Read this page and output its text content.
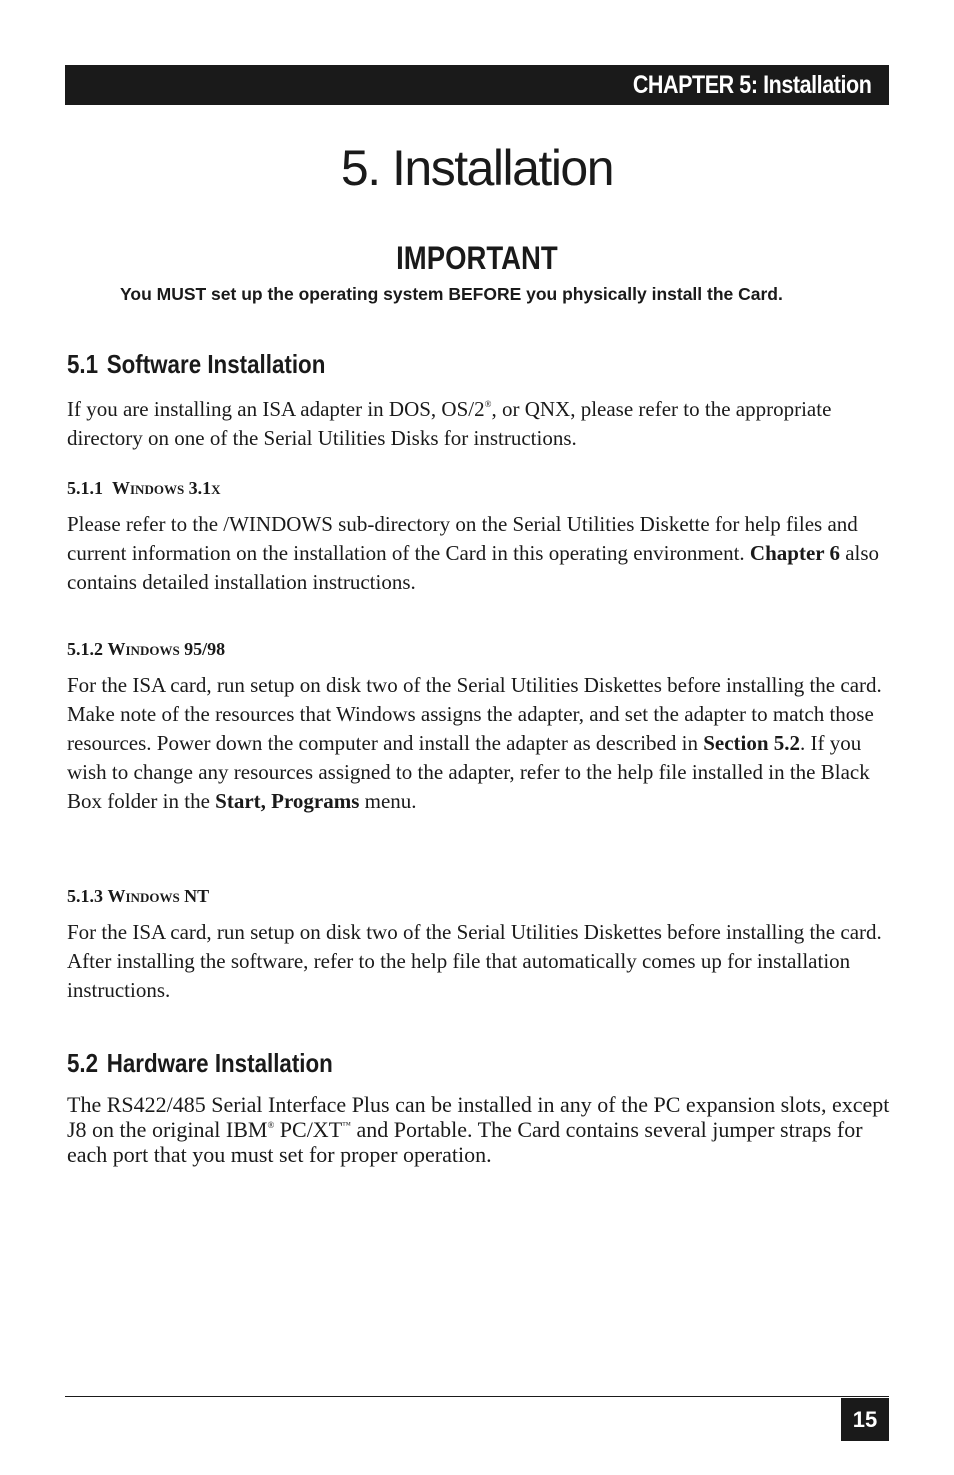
CHAPTER 5: Installation
5. Installation
IMPORTANT
You MUST set up the operating system BEFORE you physically install the Card.
5.1 Software Installation
If you are installing an ISA adapter in DOS, OS/2®, or QNX, please refer to the appropriate directory on one of the Serial Utilities Disks for instructions.
5.1.1 Windows 3.1x
Please refer to the /WINDOWS sub-directory on the Serial Utilities Diskette for help files and current information on the installation of the Card in this operating environment. Chapter 6 also contains detailed installation instructions.
5.1.2 Windows 95/98
For the ISA card, run setup on disk two of the Serial Utilities Diskettes before installing the card. Make note of the resources that Windows assigns the adapter, and set the adapter to match those resources. Power down the computer and install the adapter as described in Section 5.2. If you wish to change any resources assigned to the adapter, refer to the help file installed in the Black Box folder in the Start, Programs menu.
5.1.3 Windows NT
For the ISA card, run setup on disk two of the Serial Utilities Diskettes before installing the card. After installing the software, refer to the help file that automatically comes up for installation instructions.
5.2 Hardware Installation
The RS422/485 Serial Interface Plus can be installed in any of the PC expansion slots, except J8 on the original IBM® PC/XT™ and Portable. The Card contains several jumper straps for each port that you must set for proper operation.
15
